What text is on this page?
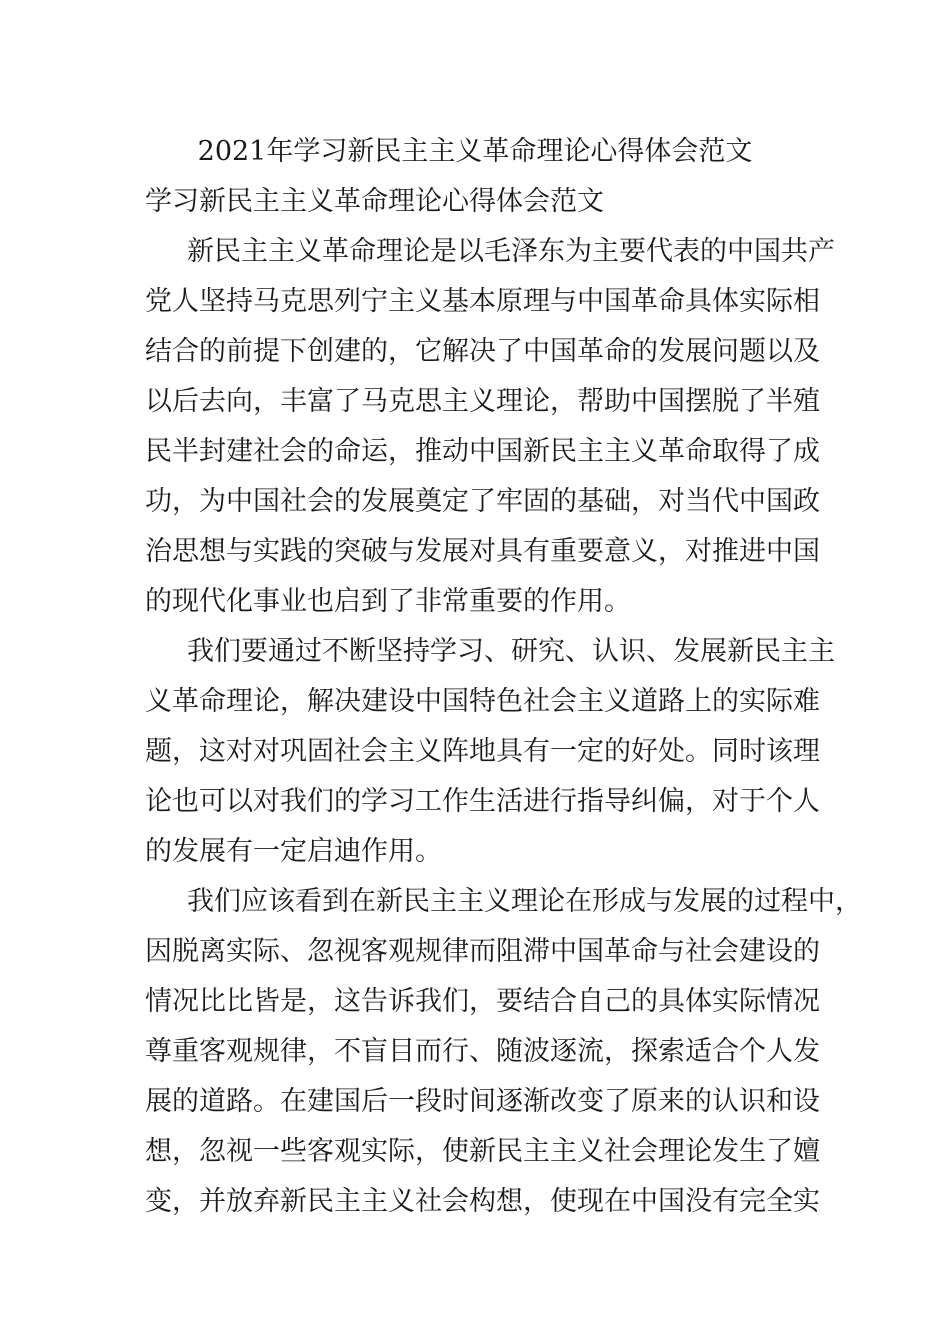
2021年学习新民主主义革命理论心得体会范文
学习新民主主义革命理论心得体会范文
新民主主义革命理论是以毛泽东为主要代表的中国共产
党人坚持马克思列宁主义基本原理与中国革命具体实际相
结合的前提下创建的，它解决了中国革命的发展问题以及
以后去向，丰富了马克思主义理论，帮助中国摆脱了半殖
民半封建社会的命运，推动中国新民主主义革命取得了成
功，为中国社会的发展奠定了牢固的基础，对当代中国政
治思想与实践的突破与发展对具有重要意义，对推进中国
的现代化事业也启到了非常重要的作用。
我们要通过不断坚持学习、研究、认识、发展新民主主
义革命理论，解决建设中国特色社会主义道路上的实际难
题，这对对巩固社会主义阵地具有一定的好处。同时该理
论也可以对我们的学习工作生活进行指导纠偏，对于个人
的发展有一定启迪作用。
我们应该看到在新民主主义理论在形成与发展的过程中，
因脱离实际、忽视客观规律而阻滞中国革命与社会建设的
情况比比皆是，这告诉我们，要结合自己的具体实际情况
尊重客观规律，不盲目而行、随波逐流，探索适合个人发
展的道路。在建国后一段时间逐渐改变了原来的认识和设
想，忽视一些客观实际，使新民主主义社会理论发生了嬗
变，并放弃新民主主义社会构想，使现在中国没有完全实
